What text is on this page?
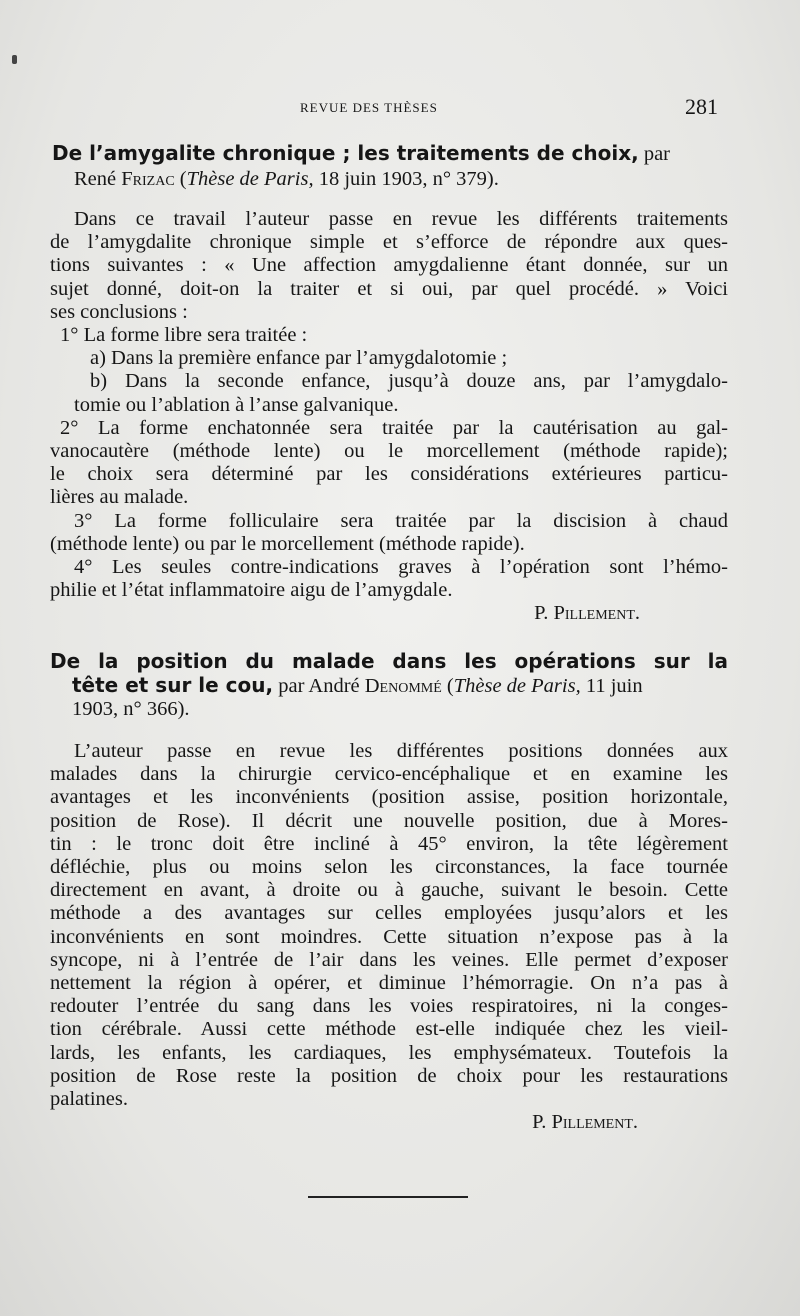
REVUE DES THÈSES	281
De l’amygalite chronique ; les traitements de choix, par
René Frizac (Thèse de Paris, 18 juin 1903, n° 379).
Dans ce travail l’auteur passe en revue les différents traitements
de l’amygdalite chronique simple et s’efforce de répondre aux ques-
tions suivantes : « Une affection amygdalienne étant donnée, sur un
sujet donné, doit-on la traiter et si oui, par quel procédé. » Voici
ses conclusions :
1° La forme libre sera traitée :
a) Dans la première enfance par l’amygdalotomie ;
b) Dans la seconde enfance, jusqu’à douze ans, par l’amygdalo-
tomie ou l’ablation à l’anse galvanique.
2° La forme enchatonnée sera traitée par la cautérisation au gal-
vanocautère (méthode lente) ou le morcellement (méthode rapide);
le choix sera déterminé par les considérations extérieures particu-
lières au malade.
3° La forme folliculaire sera traitée par la discision à chaud
(méthode lente) ou par le morcellement (méthode rapide).
4° Les seules contre-indications graves à l’opération sont l’hémo-
philie et l’état inflammatoire aigu de l’amygdale.
P. Pillement.
De la position du malade dans les opérations sur la
tête et sur le cou, par André Denommé (Thèse de Paris, 11 juin
1903, n° 366).
L’auteur passe en revue les différentes positions données aux
malades dans la chirurgie cervico-encéphalique et en examine les
avantages et les inconvénients (position assise, position horizontale,
position de Rose). Il décrit une nouvelle position, due à Mores-
tin : le tronc doit être incliné à 45° environ, la tête légèrement
défléchie, plus ou moins selon les circonstances, la face tournée
directement en avant, à droite ou à gauche, suivant le besoin. Cette
méthode a des avantages sur celles employées jusqu’alors et les
inconvénients en sont moindres. Cette situation n’expose pas à la
syncope, ni à l’entrée de l’air dans les veines. Elle permet d’exposer
nettement la région à opérer, et diminue l’hémorragie. On n’a pas à
redouter l’entrée du sang dans les voies respiratoires, ni la conges-
tion cérébrale. Aussi cette méthode est-elle indiquée chez les vieil-
lards, les enfants, les cardiaques, les emphysémateux. Toutefois la
position de Rose reste la position de choix pour les restaurations
palatines.
P. Pillement.
